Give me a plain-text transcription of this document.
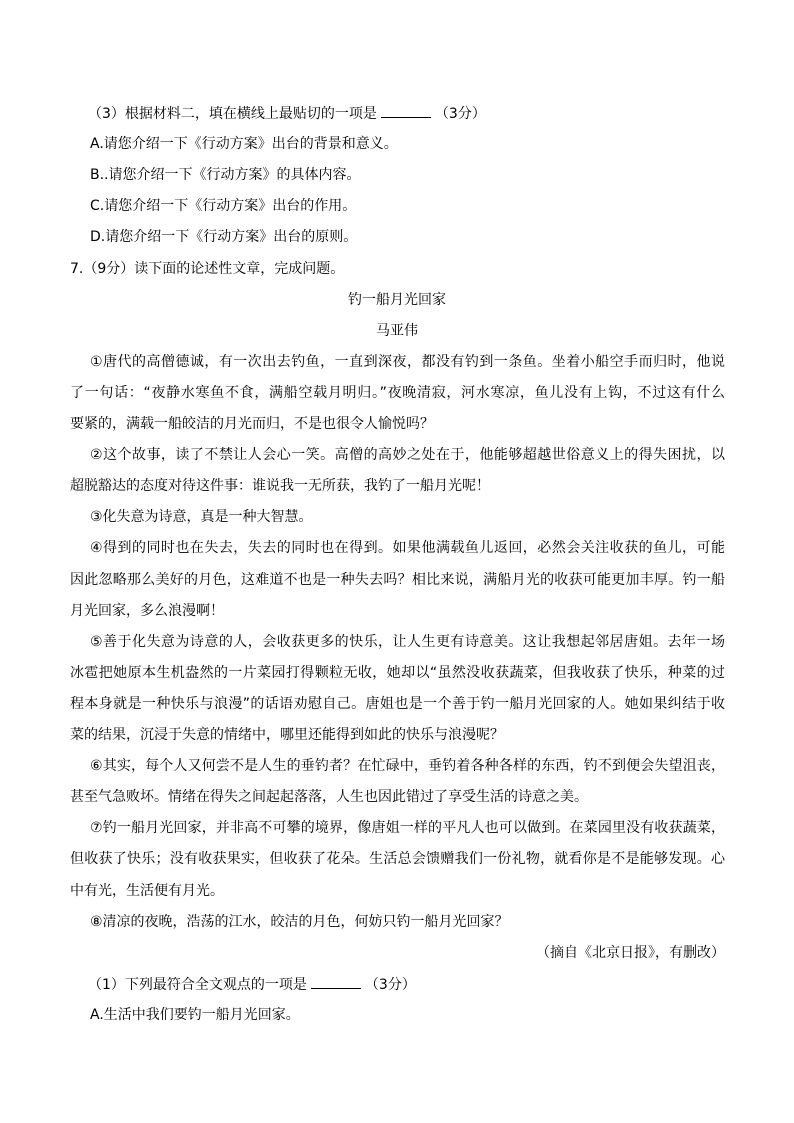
（3）根据材料二，填在横线上最贴切的一项是	（3分）
A.请您介绍一下《行动方案》出台的背景和意义。
B..请您介绍一下《行动方案》的具体内容。
C.请您介绍一下《行动方案》出台的作用。
D.请您介绍一下《行动方案》出台的原则。
7.（9分）读下面的论述性文章，完成问题。
钓一船月光回家
马亚伟
①唐代的高僧德诚，有一次出去钓鱼，一直到深夜，都没有钓到一条鱼。坐着小船空手而归时，他说
了一句话：“夜静水寒鱼不食，满船空载月明归。”夜晚清寂，河水寒凉，鱼儿没有上钩，不过这有什么
要紧的，满载一船皎洁的月光而归，不是也很令人愉悦吗？
②这个故事，读了不禁让人会心一笑。高僧的高妙之处在于，他能够超越世俗意义上的得失困扰，以
超脱豁达的态度对待这件事：谁说我一无所获，我钓了一船月光呢！
③化失意为诗意，真是一种大智慧。
④得到的同时也在失去，失去的同时也在得到。如果他满载鱼儿返回，必然会关注收获的鱼儿，可能
因此忽略那么美好的月色，这难道不也是一种失去吗？相比来说，满船月光的收获可能更加丰厚。钓一船
月光回家，多么浪漫啊！
⑤善于化失意为诗意的人，会收获更多的快乐，让人生更有诗意美。这让我想起邻居唐姐。去年一场
冰雹把她原本生机盎然的一片菜园打得颗粒无收，她却以“虽然没收获蔬菜，但我收获了快乐，种菜的过
程本身就是一种快乐与浪漫”的话语劝慰自己。唐姐也是一个善于钓一船月光回家的人。她如果纠结于收
菜的结果，沉浸于失意的情绪中，哪里还能得到如此的快乐与浪漫呢？
⑥其实，每个人又何尝不是人生的垂钓者？在忙碌中，垂钓着各种各样的东西，钓不到便会失望沮丧，
甚至气急败坏。情绪在得失之间起起落落，人生也因此错过了享受生活的诗意之美。
⑦钓一船月光回家，并非高不可攀的境界，像唐姐一样的平凡人也可以做到。在菜园里没有收获蔬菜，
但收获了快乐；没有收获果实，但收获了花朵。生活总会馈赠我们一份礼物，就看你是不是能够发现。心
中有光，生活便有月光。
⑧清凉的夜晚，浩荡的江水，皎洁的月色，何妨只钓一船月光回家？
（摘自《北京日报》，有删改）
（1）下列最符合全文观点的一项是	（3分）
A.生活中我们要钓一船月光回家。
